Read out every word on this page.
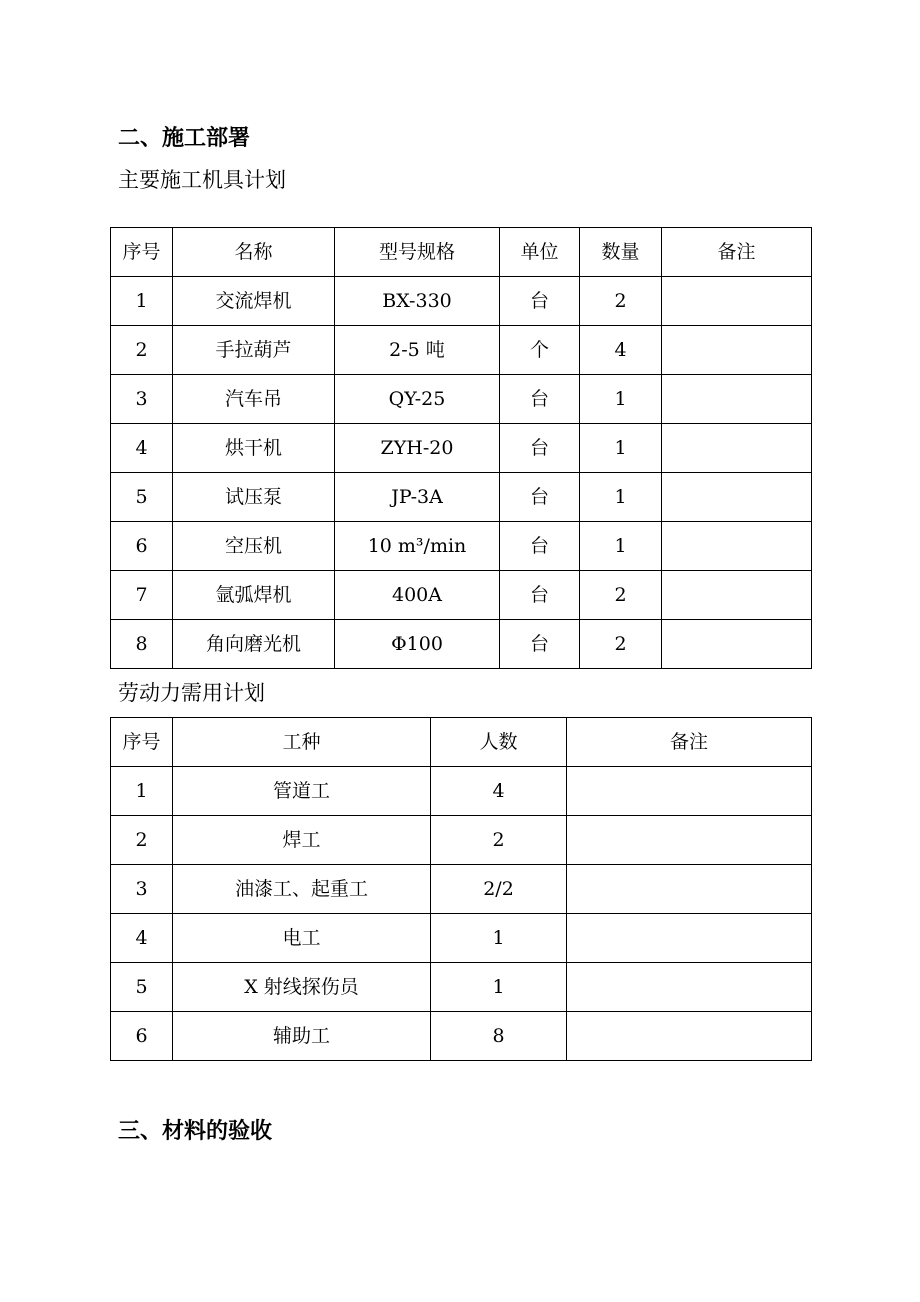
二、施工部署
主要施工机具计划
序号	名称	型号规格	单位	数量	备注
1	交流焊机	BX-330	台	2	
2	手拉葫芦	2-5 吨	个	4	
3	汽车吊	QY-25	台	1	
4	烘干机	ZYH-20	台	1	
5	试压泵	JP-3A	台	1	
6	空压机	10 m³/min	台	1	
7	氩弧焊机	400A	台	2	
8	角向磨光机	Φ100	台	2	
劳动力需用计划
序号	工种	人数	备注
1	管道工	4	
2	焊工	2	
3	油漆工、起重工	2/2	
4	电工	1	
5	X 射线探伤员	1	
6	辅助工	8	
三、材料的验收
